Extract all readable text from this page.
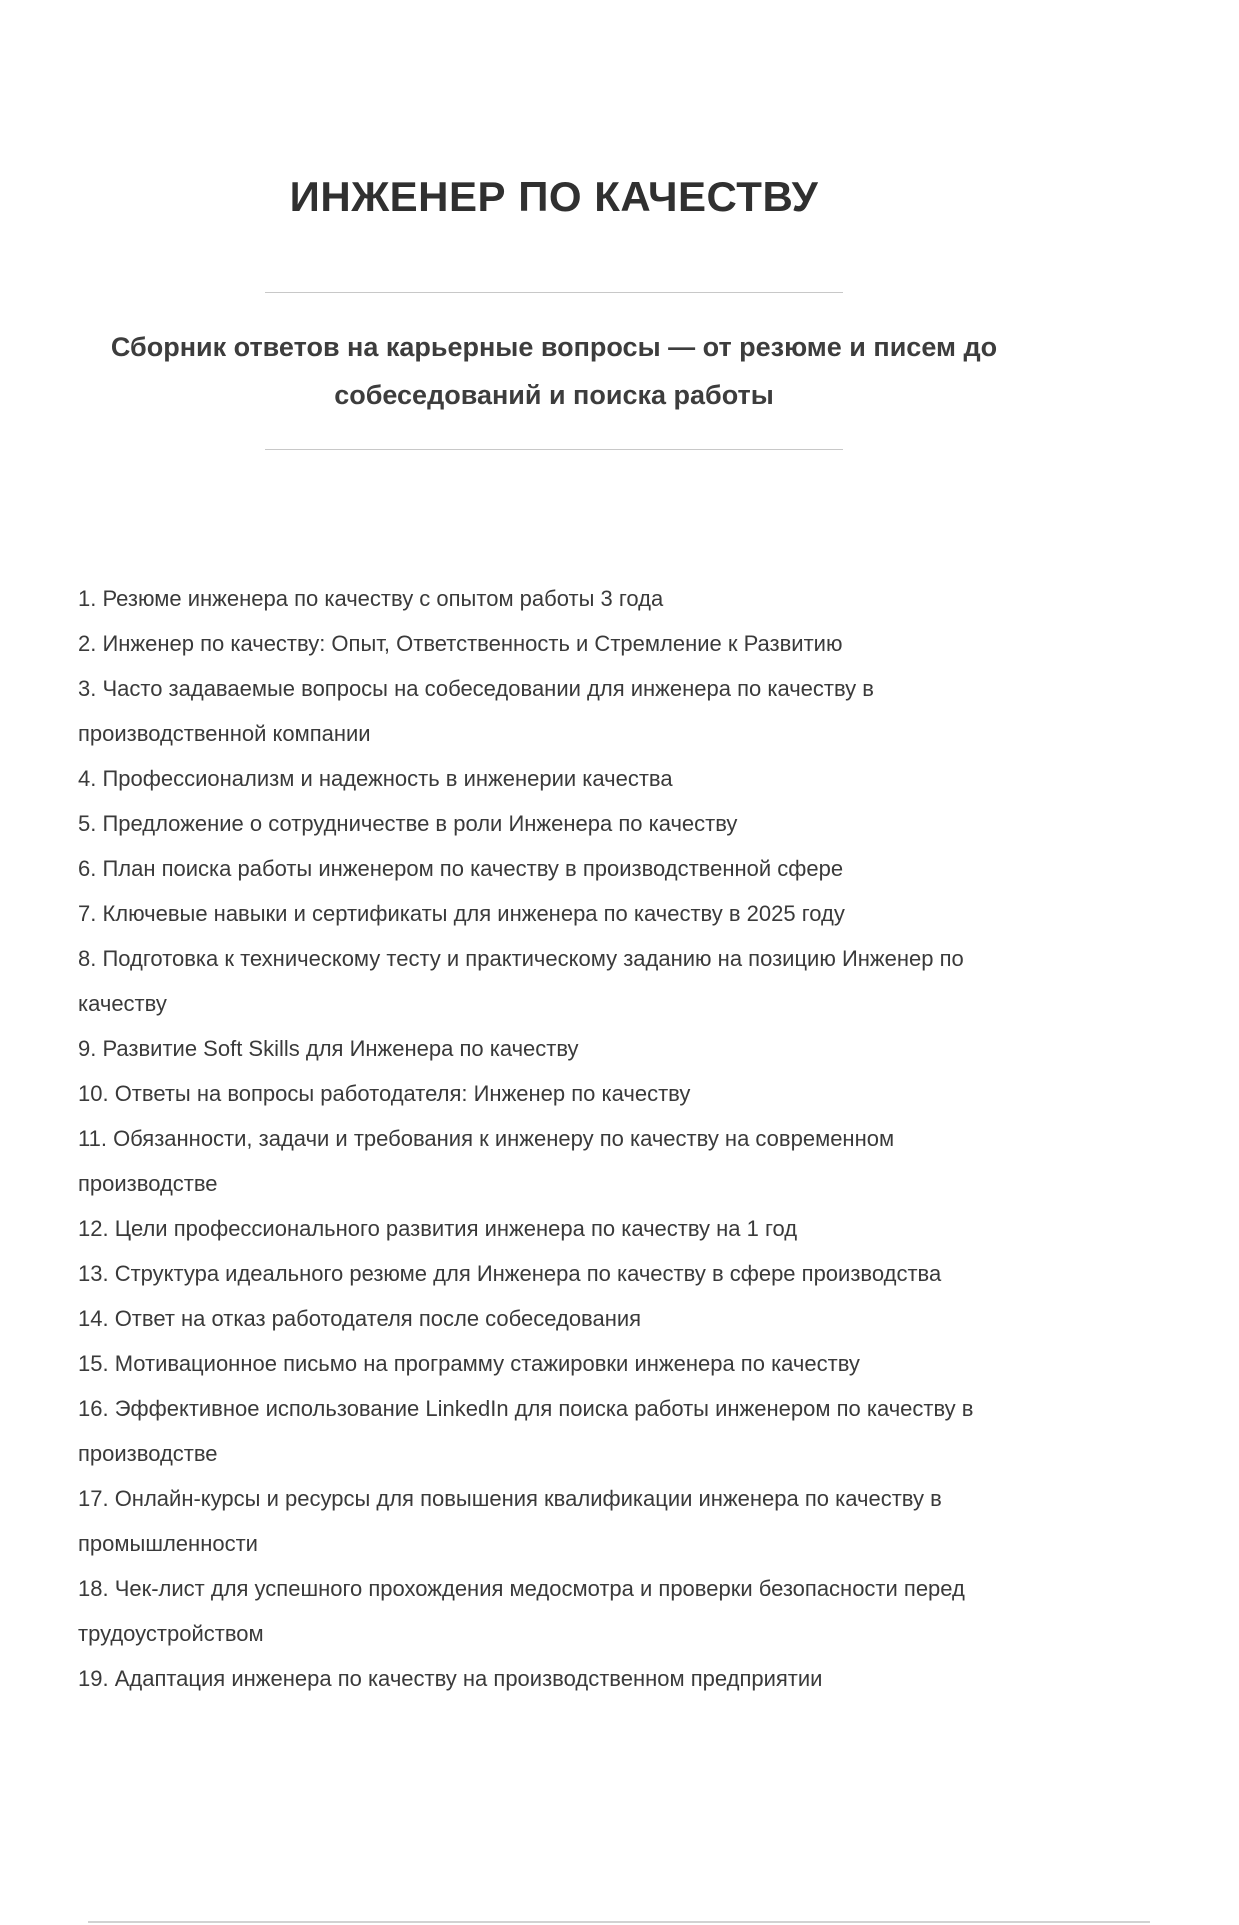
ИНЖЕНЕР ПО КАЧЕСТВУ
Сборник ответов на карьерные вопросы — от резюме и писем до собеседований и поиска работы

1. Резюме инженера по качеству с опытом работы 3 года

2. Инженер по качеству: Опыт, Ответственность и Стремление к Развитию

3. Часто задаваемые вопросы на собеседовании для инженера по качеству в производственной компании

4. Профессионализм и надежность в инженерии качества

5. Предложение о сотрудничестве в роли Инженера по качеству

6. План поиска работы инженером по качеству в производственной сфере

7. Ключевые навыки и сертификаты для инженера по качеству в 2025 году

8. Подготовка к техническому тесту и практическому заданию на позицию Инженер по качеству

9. Развитие Soft Skills для Инженера по качеству

10. Ответы на вопросы работодателя: Инженер по качеству

11. Обязанности, задачи и требования к инженеру по качеству на современном производстве

12. Цели профессионального развития инженера по качеству на 1 год

13. Структура идеального резюме для Инженера по качеству в сфере производства

14. Ответ на отказ работодателя после собеседования

15. Мотивационное письмо на программу стажировки инженера по качеству

16. Эффективное использование LinkedIn для поиска работы инженером по качеству в производстве

17. Онлайн-курсы и ресурсы для повышения квалификации инженера по качеству в промышленности

18. Чек-лист для успешного прохождения медосмотра и проверки безопасности перед трудоустройством

19. Адаптация инженера по качеству на производственном предприятии
